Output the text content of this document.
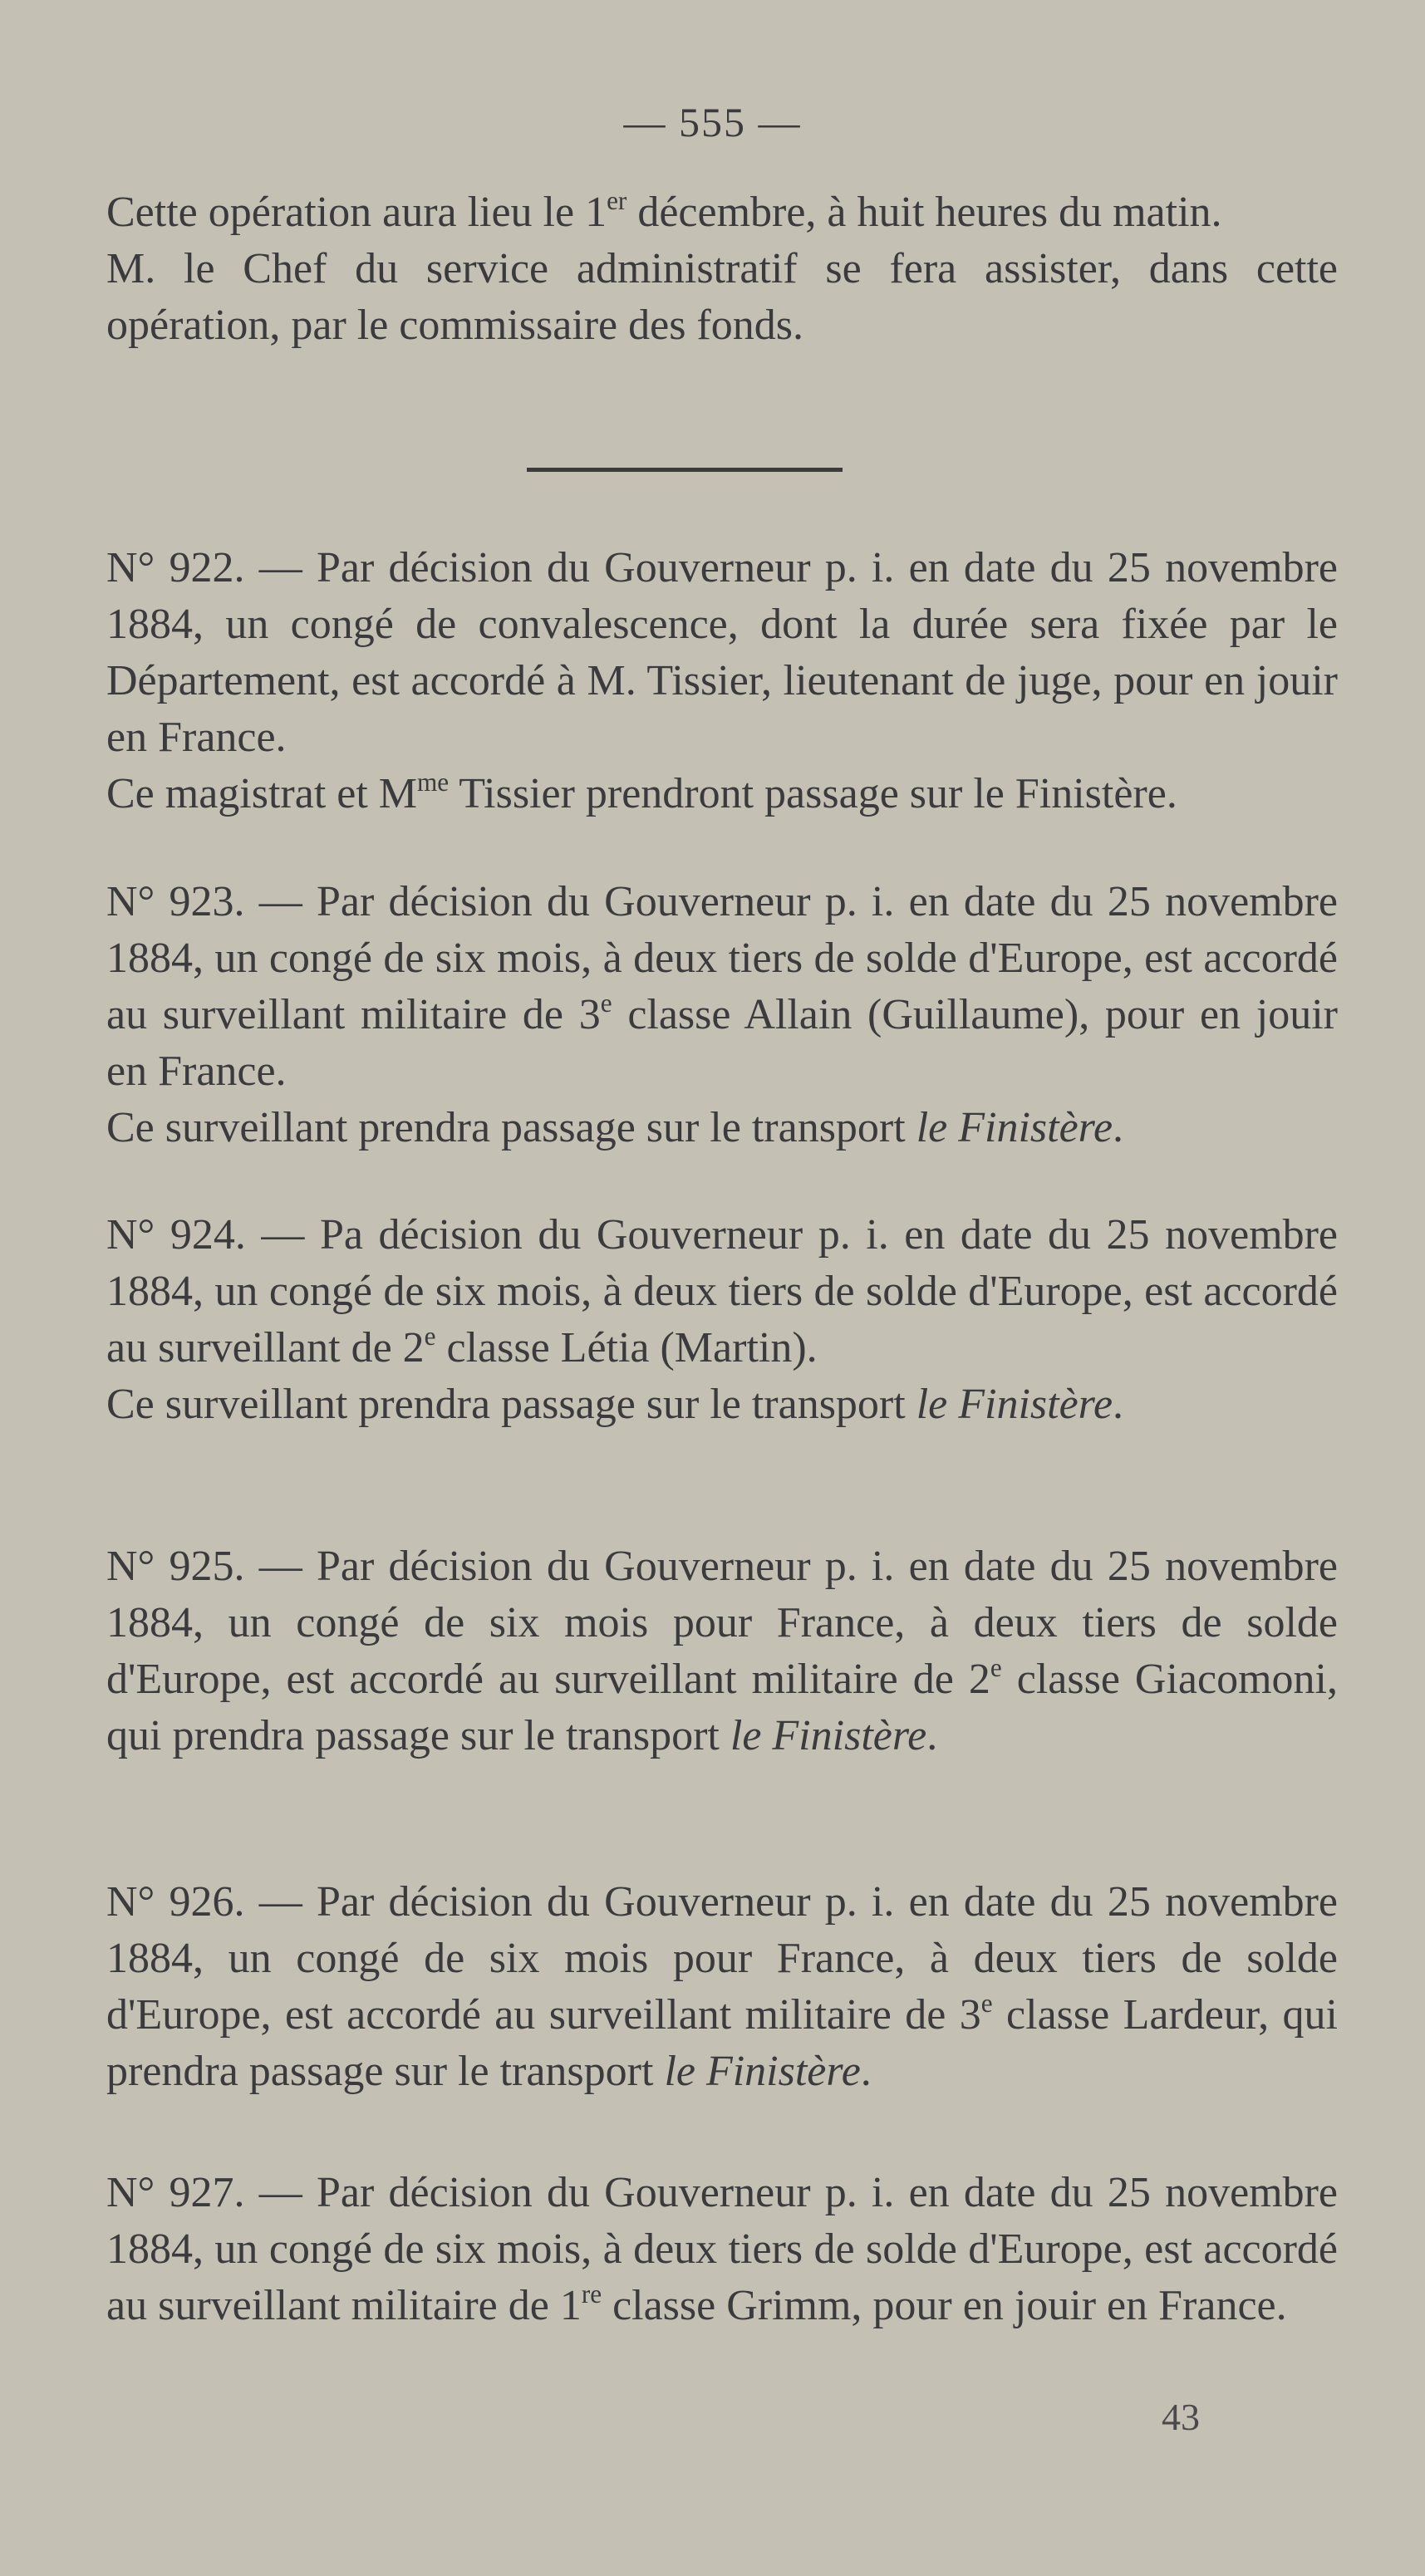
— 555 —

Cette opération aura lieu le 1er décembre, à huit heures du matin.

M. le Chef du service administratif se fera assister, dans cette opération, par le commissaire des fonds.

N° 922. — Par décision du Gouverneur p. i. en date du 25 novembre 1884, un congé de convalescence, dont la durée sera fixée par le Département, est accordé à M. Tissier, lieutenant de juge, pour en jouir en France.

Ce magistrat et $M^{me}$ Tissier prendront passage sur le Finistère.

N° 923. — Par décision du Gouverneur p. i. en date du 25 novembre 1884, un congé de six mois, à deux tiers de solde d'Europe, est accordé au surveillant militaire de 3e classe Allain (Guillaume), pour en jouir en France.

Ce surveillant prendra passage sur le transport le Finistère.

N° 924. — Pa décision du Gouverneur p. i. en date du 25 novembre 1884, un congé de six mois, à deux tiers de solde d'Europe, est accordé au surveillant de 2e classe Létia (Martin).

Ce surveillant prendra passage sur le transport le Finistère.

N° 925. — Par décision du Gouverneur p. i. en date du 25 novembre 1884, un congé de six mois pour France, à deux tiers de solde d'Europe, est accordé au surveillant militaire de 2e classe Giacomoni, qui prendra passage sur le transport le Finistère.

N° 926. — Par décision du Gouverneur p. i. en date du 25 novembre 1884, un congé de six mois pour France, à deux tiers de solde d'Europe, est accordé au surveillant militaire de 3e classe Lardeur, qui prendra passage sur le transport le Finistère.

N° 927. — Par décision du Gouverneur p. i. en date du 25 novembre 1884, un congé de six mois, à deux tiers de solde d'Europe, est accordé au surveillant militaire de 1re classe Grimm, pour en jouir en France.

43
